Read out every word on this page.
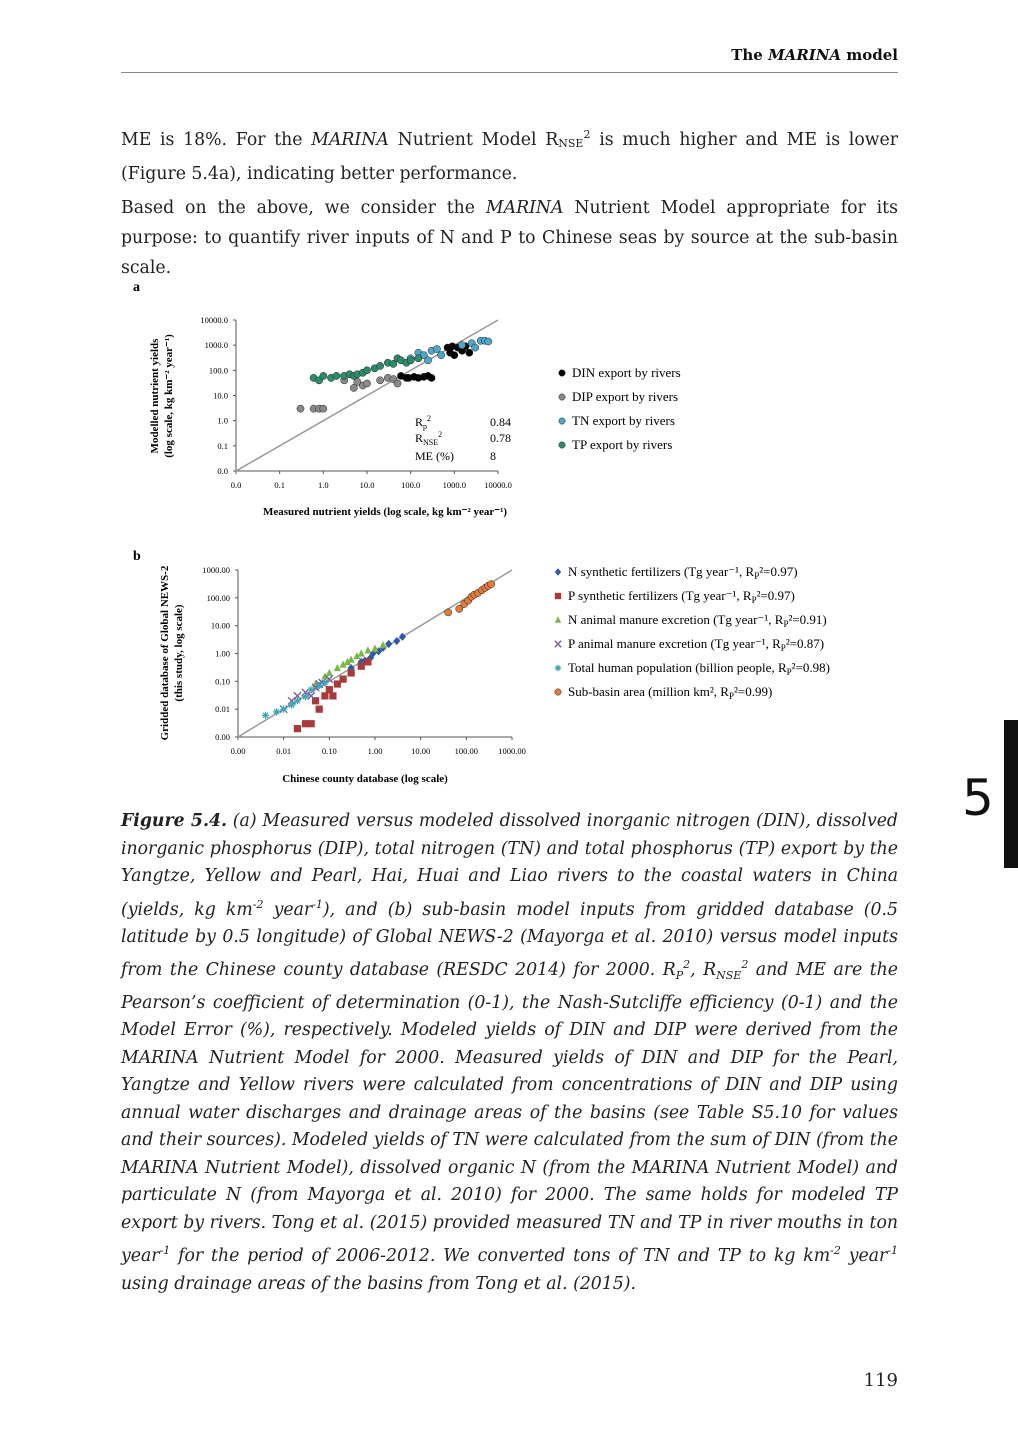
The MARINA model
ME is 18%. For the MARINA Nutrient Model RNSE$^2$ is much higher and ME is lower (Figure 5.4a), indicating better performance.
Based on the above, we consider the MARINA Nutrient Model appropriate for its purpose: to quantify river inputs of N and P to Chinese seas by source at the sub-basin scale.
a
b
0.0
0.1
1.0
10.0
100.0
1000.0
10000.0
0.0	0.1	1.0	10.0	100.0	1000.0 10000.0
Measured nutrient yields (log scale, kg km⁻² year⁻¹)
Modelled nutrient yields (log scale, kg km⁻² year⁻¹)	$R_p^2$	0.84
$R_{NSE}^2$	0.78
ME (%)	8
DIN export by rivers
DIP export by rivers
TN export by rivers
TP export by rivers
0.00
0.01
0.10
1.00
10.00
100.00
1000.00
0.00	0.01	0.10	1.00	10.00	100.00 1000.00
Chinese county database (log scale)
Gridded database of Global NEWS-2 (this study, log scale)
N synthetic fertilizers (Tg year⁻¹, $R_P^2=0.97$)
P synthetic fertilizers (Tg year⁻¹, $R_P^2=0.97$)
N animal manure excretion (Tg year⁻¹, $R_P^2=0.91$)
P animal manure excretion (Tg year⁻¹, $R_P^2=0.87$)
Total human population (billion people, $R_P^2=0.98$)
Sub-basin area (million km², $R_P^2=0.99$)
5
Figure 5.4. (a) Measured versus modeled dissolved inorganic nitrogen (DIN), dissolved inorganic phosphorus (DIP), total nitrogen (TN) and total phosphorus (TP) export by the Yangtze, Yellow and Pearl, Hai, Huai and Liao rivers to the coastal waters in China (yields, kg $km^{-2}$ year$^{-1}$), and (b) sub-basin model inputs from gridded database (0.5 latitude by 0.5 longitude) of Global NEWS-2 (Mayorga et al. 2010) versus model inputs from the Chinese county database (RESDC 2014) for 2000. $R_P^2$, $R_{NSE}^2$ and ME are the Pearson’s coefficient of determination (0-1), the Nash-Sutcliffe efficiency (0-1) and the Model Error (%), respectively. Modeled yields of DIN and DIP were derived from the MARINA Nutrient Model for 2000. Measured yields of DIN and DIP for the Pearl, Yangtze and Yellow rivers were calculated from concentrations of DIN and DIP using annual water discharges and drainage areas of the basins (see Table S5.10 for values and their sources). Modeled yields of TN were calculated from the sum of DIN (from the MARINA Nutrient Model), dissolved organic N (from the MARINA Nutrient Model) and particulate N (from Mayorga et al. 2010) for 2000. The same holds for modeled TP export by rivers. Tong et al. (2015) provided measured TN and TP in river mouths in ton year$^{-1}$ for the period of 2006-2012. We converted tons of TN and TP to kg $km^{-2}$ year$^{-1}$ using drainage areas of the basins from Tong et al. (2015).
119
